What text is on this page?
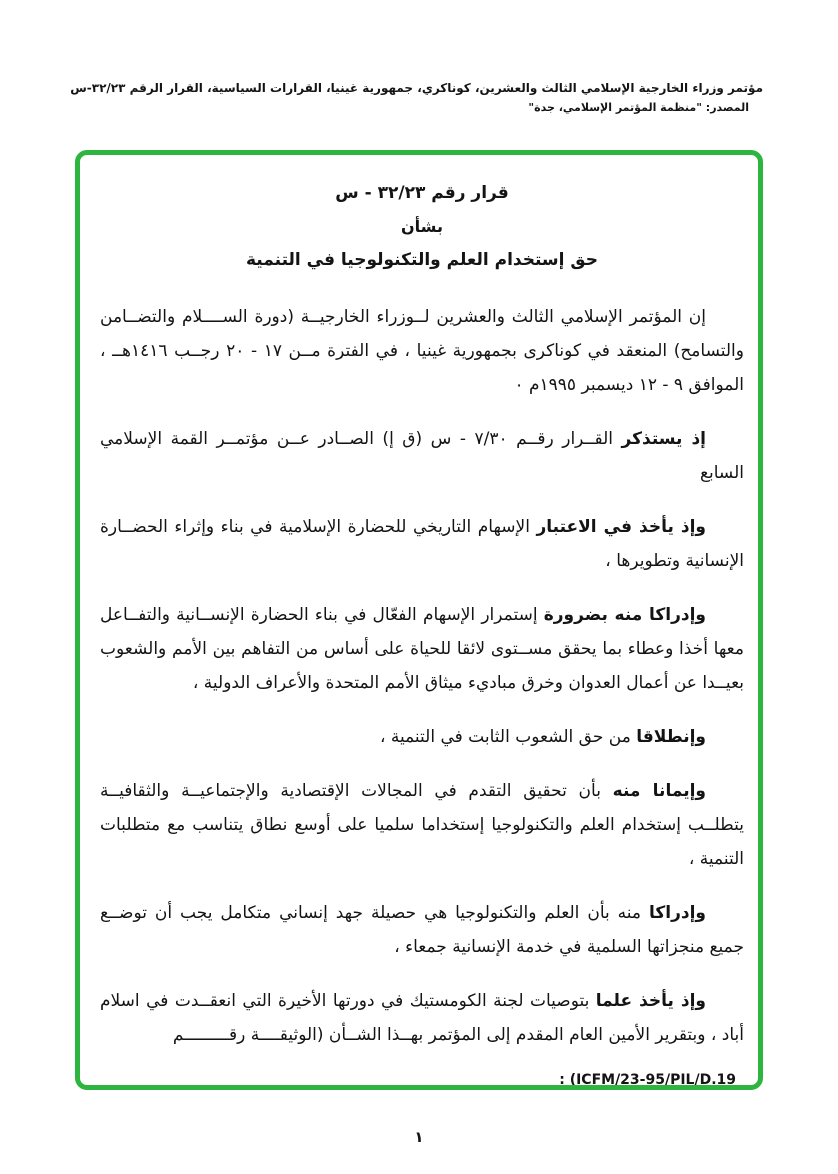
مؤتمر وزراء الخارجية الإسلامي الثالث والعشرين، كوناكري، جمهورية غينيا، القرارات السياسية، القرار الرقم ٣٢/٢٣-س
المصدر: "منظمة المؤتمر الإسلامي، جدة"
قرار رقم ٣٢/٢٣ - س
بشأن
حق إستخدام العلم والتكنولوجيا في التنمية

إن المؤتمر الإسلامي الثالث والعشرين لــوزراء الخارجيــة (دورة الســــلام والتضــامن والتسامح) المنعقد في كوناكرى بجمهورية غينيا ، في الفترة مــن ١٧ - ٢٠ رجــب ١٤١٦هــ ، الموافق ٩ - ١٢ ديسمبر ١٩٩٥م ٠

إذ يستذكر القــرار رقــم ٧/٣٠ - س (ق إ) الصــادر عــن مؤتمــر القمة الإسلامي السابع

وإذ يأخذ في الاعتبار الإسهام التاريخي للحضارة الإسلامية في بناء وإثراء الحضــارة الإنسانية وتطويرها ،

وإدراكا منه بضرورة إستمرار الإسهام الفعّال في بناء الحضارة الإنســانية والتفــاعل معها أخذا وعطاء بما يحقق مســتوى لائقا للحياة على أساس من التفاهم بين الأمم والشعوب بعيــدا عن أعمال العدوان وخرق مباديء ميثاق الأمم المتحدة والأعراف الدولية ،

وإنطلاقا من حق الشعوب الثابت في التنمية ،

وإيمانا منه بأن تحقيق التقدم في المجالات الإقتصادية والإجتماعيــة والثقافيــة يتطلــب إستخدام العلم والتكنولوجيا إستخداما سلميا على أوسع نطاق يتناسب مع متطلبات التنمية ،

وإدراكا منه بأن العلم والتكنولوجيا هي حصيلة جهد إنساني متكامل يجب أن توضــع جميع منجزاتها السلمية في خدمة الإنسانية جمعاء ،

وإذ يأخذ علما بتوصيات لجنة الكومستيك في دورتها الأخيرة التي انعقــدت في اسلام أباد ، وبتقرير الأمين العام المقدم إلى المؤتمر بهــذا الشــأن (الوثيقــــة رقـــــــــم

: (ICFM/23-95/PIL/D.19
١
